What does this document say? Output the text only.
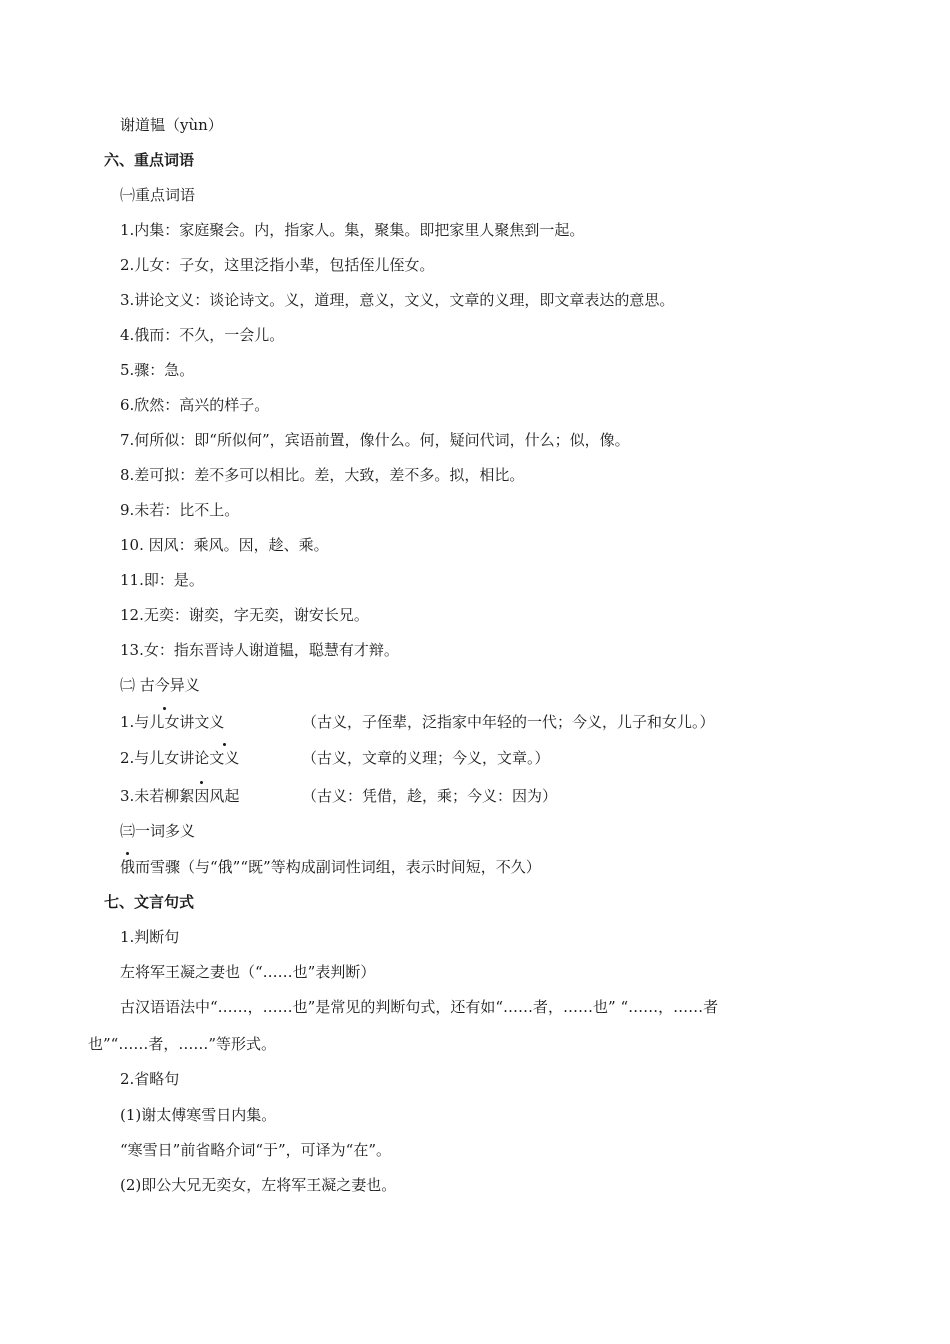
谢道韫（yùn）
六、重点词语
㈠重点词语
1.内集：家庭聚会。内，指家人。集，聚集。即把家里人聚焦到一起。
2.儿女：子女，这里泛指小辈，包括侄儿侄女。
3.讲论文义：谈论诗文。义，道理，意义，文义，文章的义理，即文章表达的意思。
4.俄而：不久，一会儿。
5.骤：急。
6.欣然：高兴的样子。
7.何所似：即“所似何”，宾语前置，像什么。何，疑问代词，什么；似，像。
8.差可拟：差不多可以相比。差，大致，差不多。拟，相比。
9.未若：比不上。
10. 因风：乘风。因，趁、乘。
11.即：是。
12.无奕：谢奕，字无奕，谢安长兄。
13.女：指东晋诗人谢道韫，聪慧有才辩。
㈡ 古今异义
1.与儿女讲文义	（古义，子侄辈，泛指家中年轻的一代；今义，儿子和女儿。）
2.与儿女讲论文义	（古义，文章的义理；今义，文章。）
3.未若柳絮因风起	（古义：凭借，趁，乘；今义：因为）
㈢一词多义
俄而雪骤（与“俄”“既”等构成副词性词组，表示时间短，不久）
七、文言句式
1.判断句
左将军王凝之妻也（“……也”表判断）
古汉语语法中“……，……也”是常见的判断句式，还有如“……者，……也” “……，……者
也”“……者，……”等形式。
2.省略句
(1)谢太傅寒雪日内集。
“寒雪日”前省略介词“于”，可译为“在”。
(2)即公大兄无奕女，左将军王凝之妻也。
